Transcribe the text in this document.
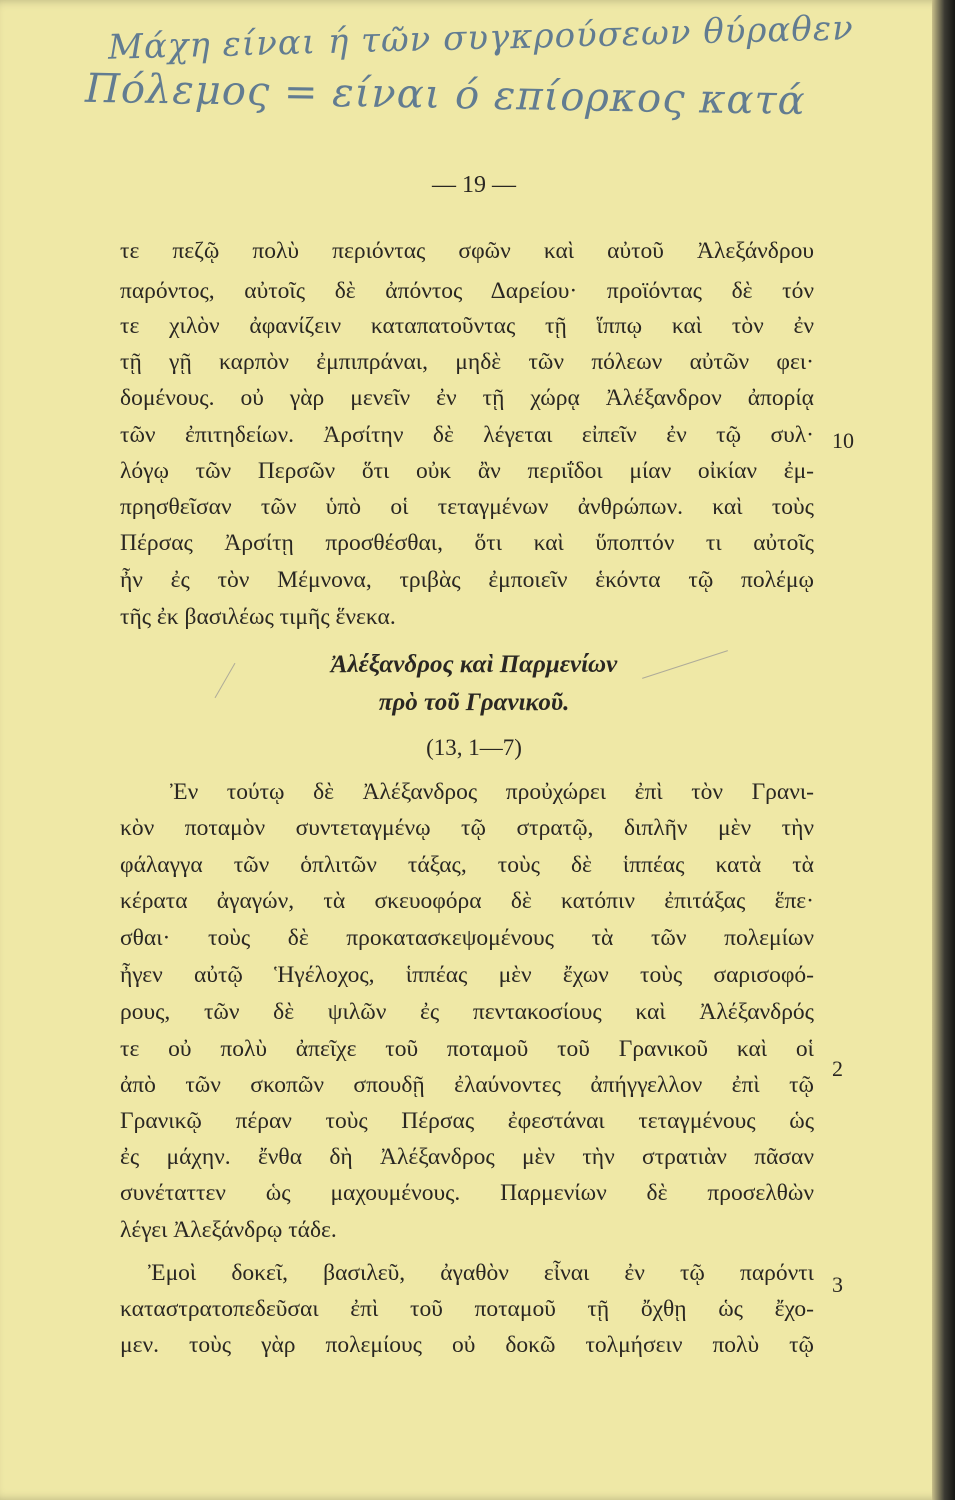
Μάχη είναι ή τῶν συγκρούσεων θύραθεν
Πόλεμος = είναι ό επίορκος κατά
— 19 —
τε πεζῷ πολὺ περιόντας σφῶν καὶ αὐτοῦ Ἀλεξάνδρου
παρόντος, αὐτοῖς δὲ ἀπόντος Δαρείου· προϊόντας δὲ τόν
τε χιλὸν ἀφανίζειν καταπατοῦντας τῇ ἵππῳ καὶ τὸν ἐν
τῇ γῇ καρπὸν ἐμπιπράναι, μηδὲ τῶν πόλεων αὐτῶν φει·
δομένους. οὐ γὰρ μενεῖν ἐν τῇ χώρᾳ Ἀλέξανδρον ἀπορίᾳ
τῶν ἐπιτηδείων. Ἀρσίτην δὲ λέγεται εἰπεῖν ἐν τῷ συλ·
λόγῳ τῶν Περσῶν ὅτι οὐκ ἂν περιΐδοι μίαν οἰκίαν ἐμ-
πρησθεῖσαν τῶν ὑπὸ οἱ τεταγμένων ἀνθρώπων. καὶ τοὺς
Πέρσας Ἀρσίτῃ προσθέσθαι, ὅτι καὶ ὕποπτόν τι αὐτοῖς
ἦν ἐς τὸν Μέμνονα, τριβὰς ἐμποιεῖν ἑκόντα τῷ πολέμῳ
τῆς ἐκ βασιλέως τιμῆς ἕνεκα.
10
Ἀλέξανδρος καὶ Παρμενίων
πρὸ τοῦ Γρανικοῦ.
(13, 1—7)
Ἐν τούτῳ δὲ Ἀλέξανδρος προὐχώρει ἐπὶ τὸν Γρανι-
κὸν ποταμὸν συντεταγμένῳ τῷ στρατῷ, διπλῆν μὲν τὴν
φάλαγγα τῶν ὁπλιτῶν τάξας, τοὺς δὲ ἱππέας κατὰ τὰ
κέρατα ἀγαγών, τὰ σκευοφόρα δὲ κατόπιν ἐπιτάξας ἕπε·
σθαι· τοὺς δὲ προκατασκεψομένους τὰ τῶν πολεμίων
ἦγεν αὐτῷ Ἡγέλοχος, ἱππέας μὲν ἔχων τοὺς σαρισοφό-
ρους, τῶν δὲ ψιλῶν ἐς πεντακοσίους καὶ Ἀλέξανδρός
τε οὐ πολὺ ἀπεῖχε τοῦ ποταμοῦ τοῦ Γρανικοῦ καὶ οἱ
ἀπὸ τῶν σκοπῶν σπουδῇ ἐλαύνοντες ἀπήγγελλον ἐπὶ τῷ
Γρανικῷ πέραν τοὺς Πέρσας ἐφεστάναι τεταγμένους ὡς
ἐς μάχην. ἔνθα δὴ Ἀλέξανδρος μὲν τὴν στρατιὰν πᾶσαν
συνέταττεν ὡς μαχουμένους. Παρμενίων δὲ προσελθὼν
λέγει Ἀλεξάνδρῳ τάδε.
2
Ἐμοὶ δοκεῖ, βασιλεῦ, ἀγαθὸν εἶναι ἐν τῷ παρόντι
καταστρατοπεδεῦσαι ἐπὶ τοῦ ποταμοῦ τῇ ὄχθῃ ὡς ἔχο-
μεν. τοὺς γὰρ πολεμίους οὐ δοκῶ τολμήσειν πολὺ τῷ
3
